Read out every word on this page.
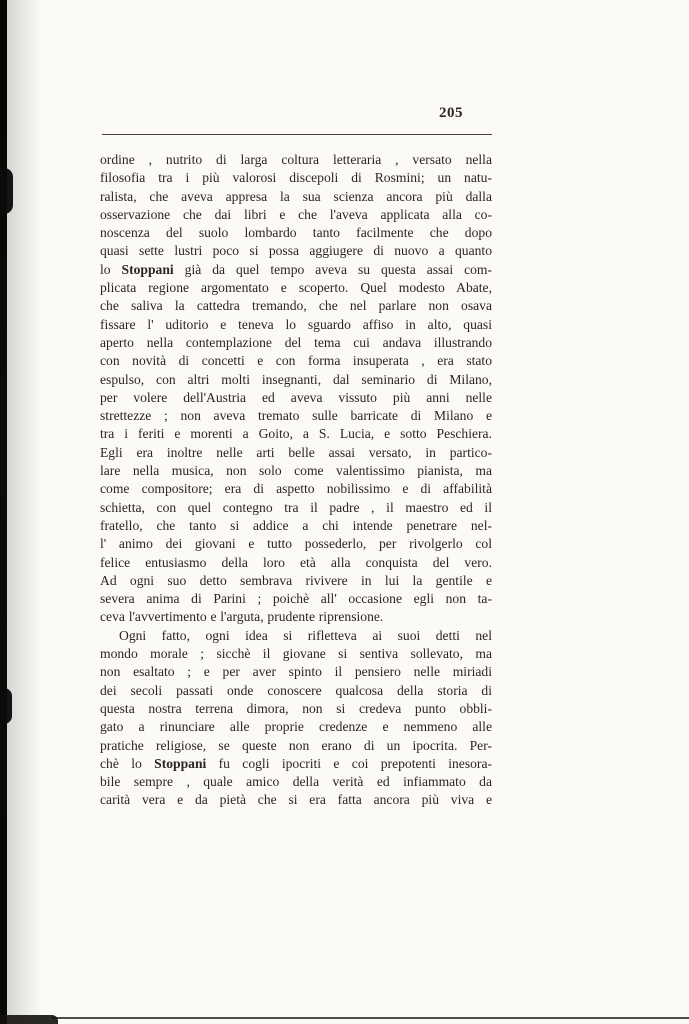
205
ordine , nutrito di larga coltura letteraria , versato nella
filosofia tra i più valorosi discepoli di Rosmini; un natu-
ralista, che aveva appresa la sua scienza ancora più dalla
osservazione che dai libri e che l'aveva applicata alla co-
noscenza del suolo lombardo tanto facilmente che dopo
quasi sette lustri poco si possa aggiugere di nuovo a quanto
lo Stoppani già da quel tempo aveva su questa assai com-
plicata regione argomentato e scoperto. Quel modesto Abate,
che saliva la cattedra tremando, che nel parlare non osava
fissare l' uditorio e teneva lo sguardo affiso in alto, quasi
aperto nella contemplazione del tema cui andava illustrando
con novità di concetti e con forma insuperata , era stato
espulso, con altri molti insegnanti, dal seminario di Milano,
per volere dell'Austria ed aveva vissuto più anni nelle
strettezze ; non aveva tremato sulle barricate di Milano e
tra i feriti e morenti a Goito, a S. Lucia, e sotto Peschiera.
Egli era inoltre nelle arti belle assai versato, in partico-
lare nella musica, non solo come valentissimo pianista, ma
come compositore; era di aspetto nobilissimo e di affabilità
schietta, con quel contegno tra il padre , il maestro ed il
fratello, che tanto si addice a chi intende penetrare nel-
l' animo dei giovani e tutto possederlo, per rivolgerlo col
felice entusiasmo della loro età alla conquista del vero.
Ad ogni suo detto sembrava rivivere in lui la gentile e
severa anima di Parini ; poichè all' occasione egli non ta-
ceva l'avvertimento e l'arguta, prudente riprensione.
Ogni fatto, ogni idea si rifletteva ai suoi detti nel
mondo morale ; sicchè il giovane si sentiva sollevato, ma
non esaltato ; e per aver spinto il pensiero nelle miriadi
dei secoli passati onde conoscere qualcosa della storia di
questa nostra terrena dimora, non si credeva punto obbli-
gato a rinunciare alle proprie credenze e nemmeno alle
pratiche religiose, se queste non erano di un ipocrita. Per-
chè lo Stoppani fu cogli ipocriti e coi prepotenti inesora-
bile sempre , quale amico della verità ed infiammato da
carità vera e da pietà che si era fatta ancora più viva e
